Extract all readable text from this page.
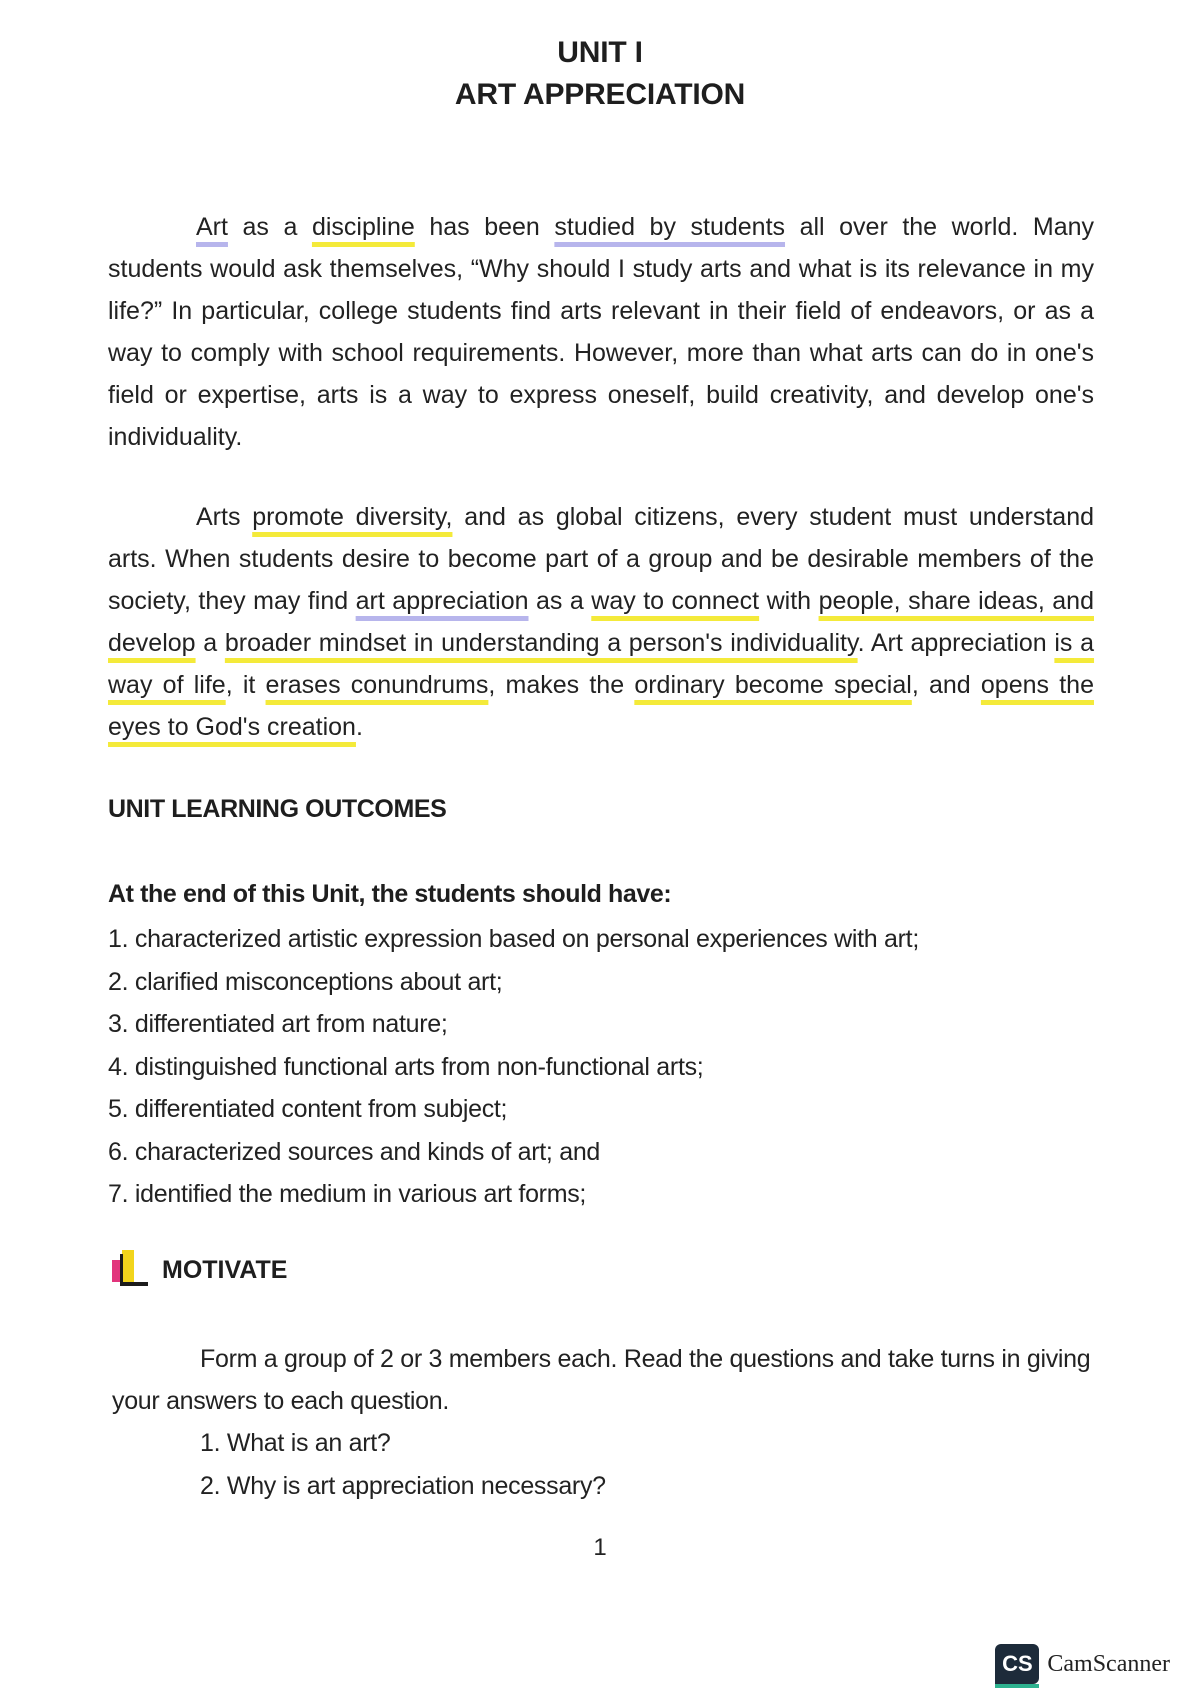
UNIT I
ART APPRECIATION

Art as a discipline has been studied by students all over the world. Many students would ask themselves, “Why should I study arts and what is its relevance in my life?” In particular, college students find arts relevant in their field of endeavors, or as a way to comply with school requirements. However, more than what arts can do in one's field or expertise, arts is a way to express oneself, build creativity, and develop one's individuality.

Arts promote diversity, and as global citizens, every student must understand arts. When students desire to become part of a group and be desirable members of the society, they may find art appreciation as a way to connect with people, share ideas, and develop a broader mindset in understanding a person's individuality. Art appreciation is a way of life, it erases conundrums, makes the ordinary become special, and opens the eyes to God's creation.

UNIT LEARNING OUTCOMES
At the end of this Unit, the students should have:
1. characterized artistic expression based on personal experiences with art;
2. clarified misconceptions about art;
3. differentiated art from nature;
4. distinguished functional arts from non-functional arts;
5. differentiated content from subject;
6. characterized sources and kinds of art; and
7. identified the medium in various art forms;
MOTIVATE

Form a group of 2 or 3 members each. Read the questions and take turns in giving your answers to each question.

1. What is an art?
2. Why is art appreciation necessary?
1
CS CamScanner
